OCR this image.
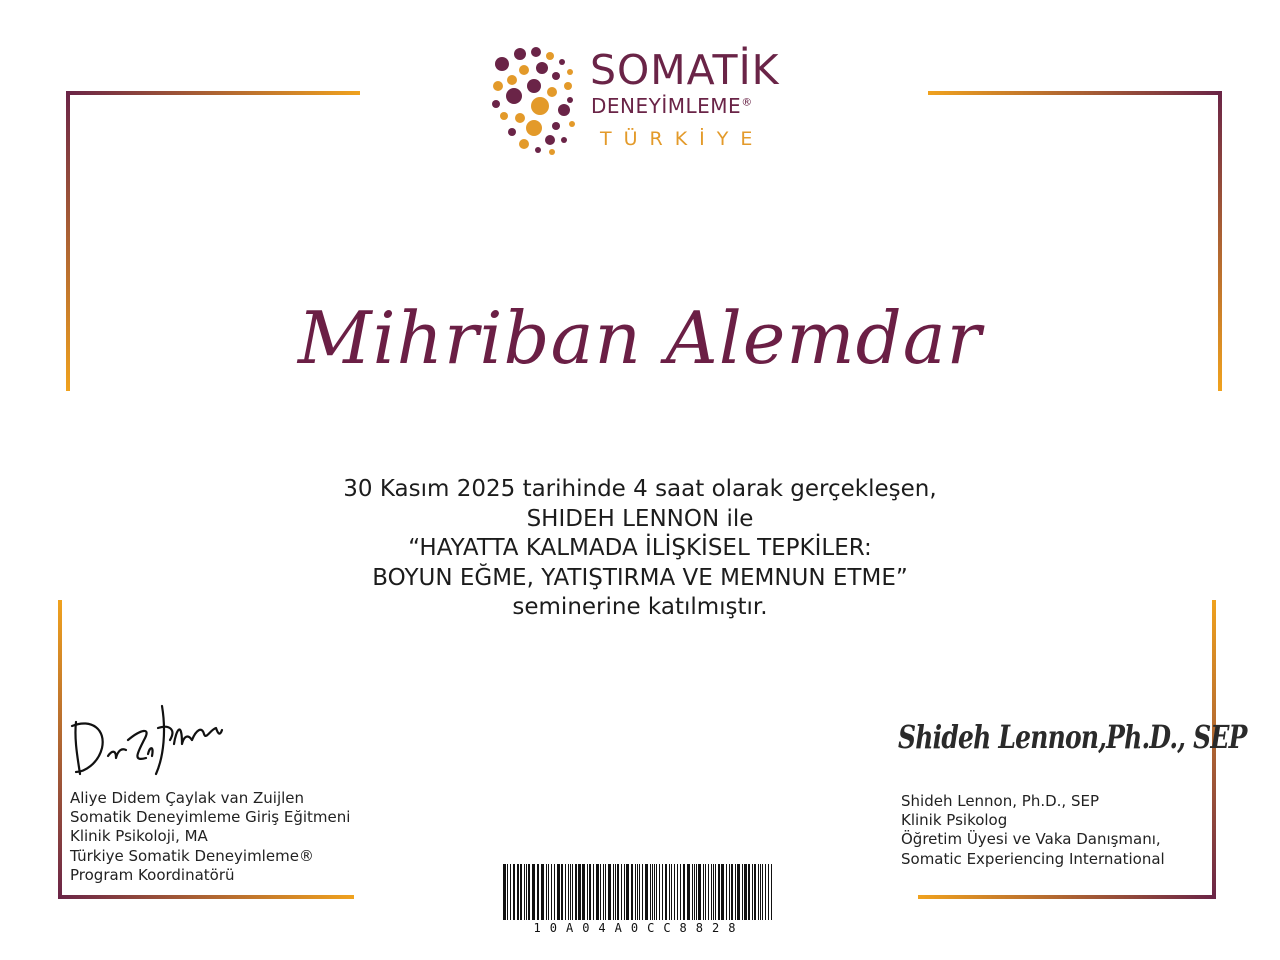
SOMATİK
DENEYİMLEME®
TÜRKİYE
Mihriban Alemdar
30 Kasım 2025 tarihinde 4 saat olarak gerçekleşen,
SHIDEH LENNON ile
“HAYATTA KALMADA İLİŞKİSEL TEPKİLER:
BOYUN EĞME, YATIŞTIRMA VE MEMNUN ETME”
seminerine katılmıştır.
Shideh Lennon,Ph.D., SEP
Aliye Didem Çaylak van Zuijlen
Somatik Deneyimleme Giriş Eğitmeni
Klinik Psikoloji, MA
Türkiye Somatik Deneyimleme®
Program Koordinatörü
Shideh Lennon, Ph.D., SEP
Klinik Psikolog
Öğretim Üyesi ve Vaka Danışmanı,
Somatic Experiencing International
10A04A0CC8828
